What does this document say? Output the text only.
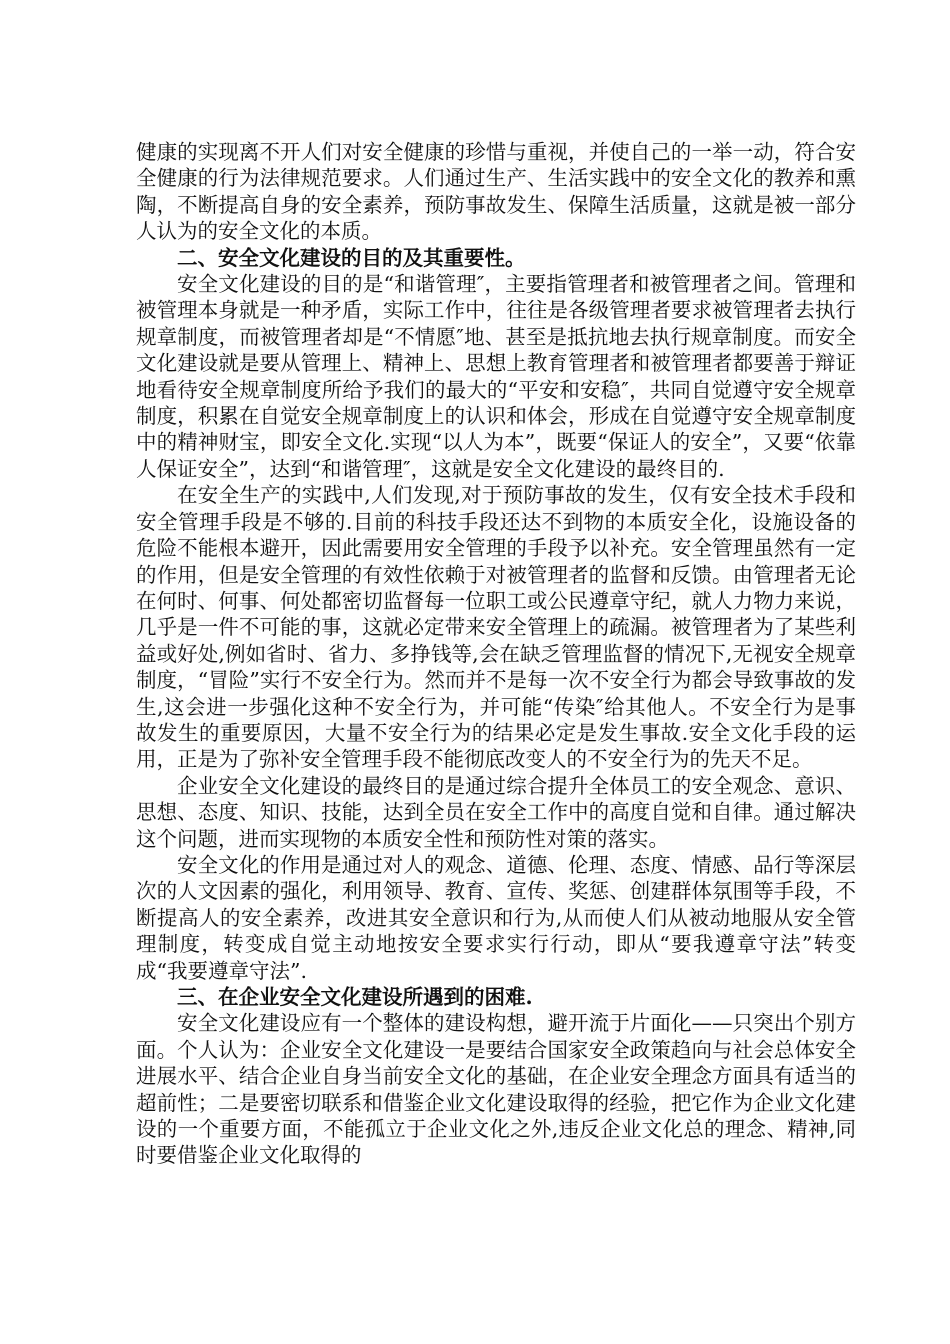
健康的实现离不开人们对安全健康的珍惜与重视，并使自己的一举一动，符合安全健康的行为法律规范要求。人们通过生产、生活实践中的安全文化的教养和熏陶，不断提高自身的安全素养，预防事故发生、保障生活质量，这就是被一部分人认为的安全文化的本质。

二、安全文化建设的目的及其重要性。

安全文化建设的目的是“和谐管理″，主要指管理者和被管理者之间。管理和被管理本身就是一种矛盾，实际工作中，往往是各级管理者要求被管理者去执行规章制度，而被管理者却是“不情愿″地、甚至是抵抗地去执行规章制度。而安全文化建设就是要从管理上、精神上、思想上教育管理者和被管理者都要善于辩证地看待安全规章制度所给予我们的最大的“平安和安稳″，共同自觉遵守安全规章制度，积累在自觉安全规章制度上的认识和体会，形成在自觉遵守安全规章制度中的精神财宝，即安全文化.实现“以人为本”，既要“保证人的安全”，又要“依靠人保证安全”，达到“和谐管理″，这就是安全文化建设的最终目的.

在安全生产的实践中,人们发现,对于预防事故的发生，仅有安全技术手段和安全管理手段是不够的.目前的科技手段还达不到物的本质安全化，设施设备的危险不能根本避开，因此需要用安全管理的手段予以补充。安全管理虽然有一定的作用，但是安全管理的有效性依赖于对被管理者的监督和反馈。由管理者无论在何时、何事、何处都密切监督每一位职工或公民遵章守纪，就人力物力来说，几乎是一件不可能的事，这就必定带来安全管理上的疏漏。被管理者为了某些利益或好处,例如省时、省力、多挣钱等,会在缺乏管理监督的情况下,无视安全规章制度，“冒险”实行不安全行为。然而并不是每一次不安全行为都会导致事故的发生,这会进一步强化这种不安全行为，并可能“传染″给其他人。不安全行为是事故发生的重要原因，大量不安全行为的结果必定是发生事故.安全文化手段的运用，正是为了弥补安全管理手段不能彻底改变人的不安全行为的先天不足。

企业安全文化建设的最终目的是通过综合提升全体员工的安全观念、意识、思想、态度、知识、技能，达到全员在安全工作中的高度自觉和自律。通过解决这个问题，进而实现物的本质安全性和预防性对策的落实。

安全文化的作用是通过对人的观念、道德、伦理、态度、情感、品行等深层次的人文因素的强化，利用领导、教育、宣传、奖惩、创建群体氛围等手段，不断提高人的安全素养，改进其安全意识和行为,从而使人们从被动地服从安全管理制度，转变成自觉主动地按安全要求实行行动，即从“要我遵章守法”转变成“我要遵章守法”.

三、在企业安全文化建设所遇到的困难.

安全文化建设应有一个整体的建设构想，避开流于片面化——只突出个别方面。个人认为：企业安全文化建设一是要结合国家安全政策趋向与社会总体安全进展水平、结合企业自身当前安全文化的基础，在企业安全理念方面具有适当的超前性；二是要密切联系和借鉴企业文化建设取得的经验，把它作为企业文化建设的一个重要方面，不能孤立于企业文化之外,违反企业文化总的理念、精神,同时要借鉴企业文化取得的
